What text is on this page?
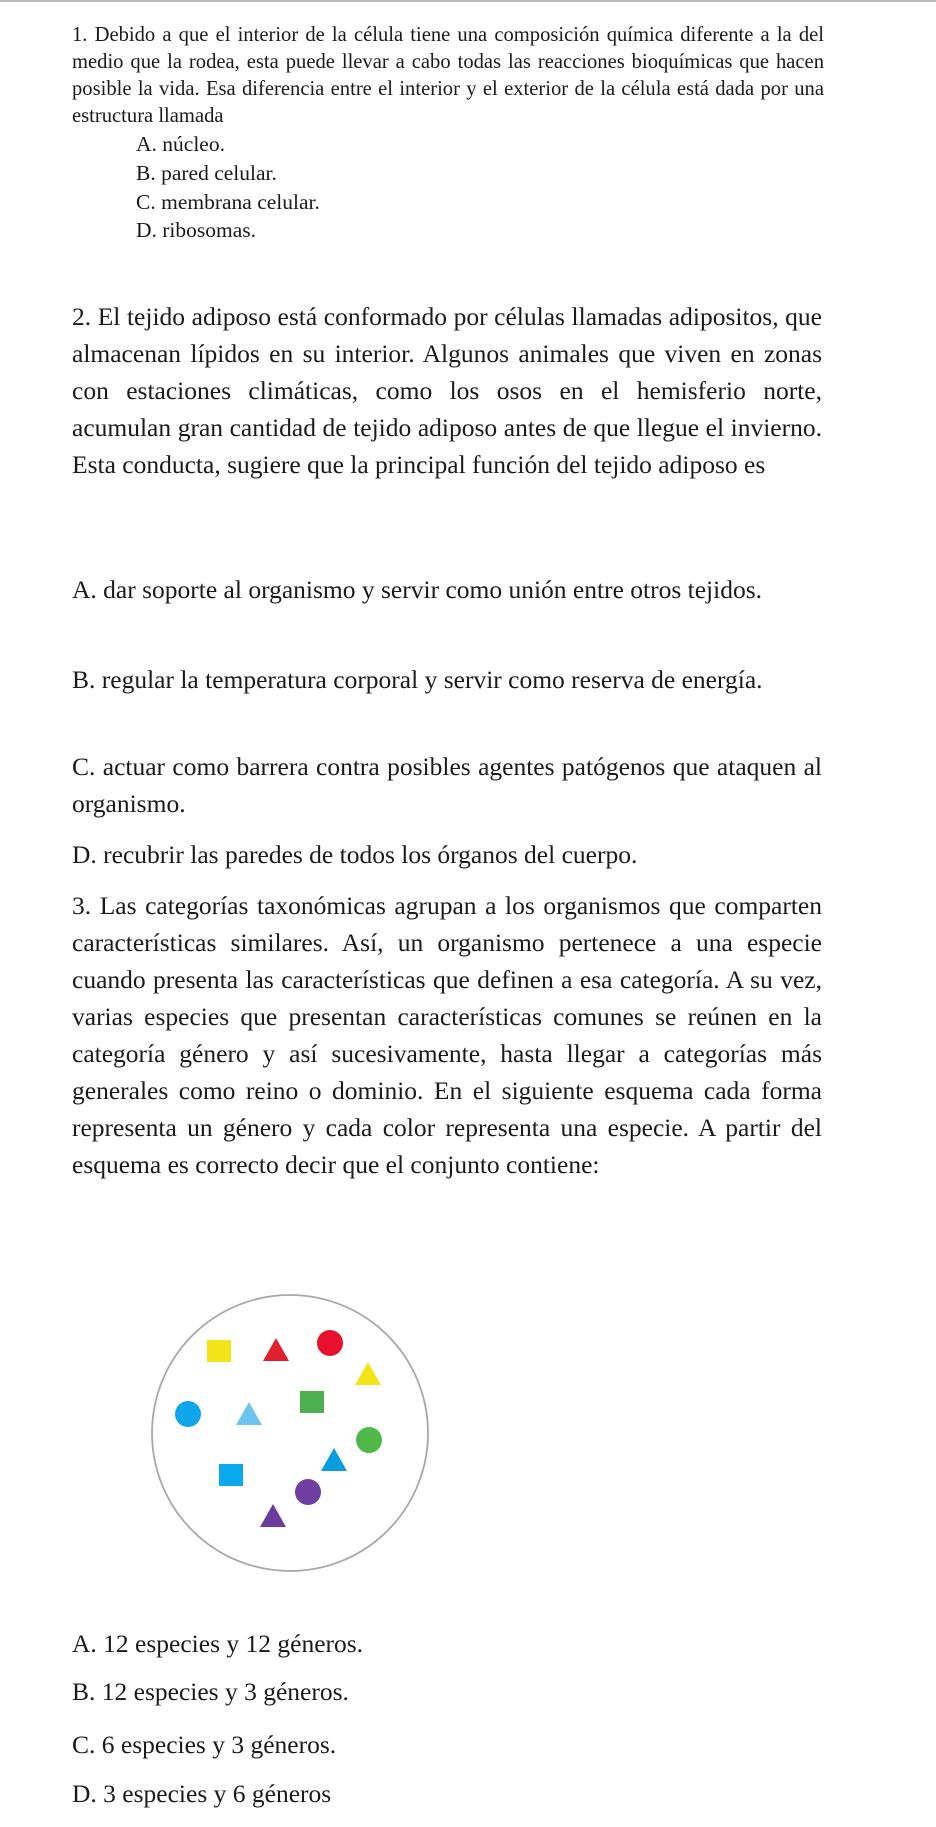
1. Debido a que el interior de la célula tiene una composición química diferente a la del medio que la rodea, esta puede llevar a cabo todas las reacciones bioquímicas que hacen posible la vida. Esa diferencia entre el interior y el exterior de la célula está dada por una estructura llamada

A. núcleo.

B. pared celular.

C. membrana celular.

D. ribosomas.

2. El tejido adiposo está conformado por células llamadas adipositos, que almacenan lípidos en su interior. Algunos animales que viven en zonas con estaciones climáticas, como los osos en el hemisferio norte, acumulan gran cantidad de tejido adiposo antes de que llegue el invierno. Esta conducta, sugiere que la principal función del tejido adiposo es

A. dar soporte al organismo y servir como unión entre otros tejidos.

B. regular la temperatura corporal y servir como reserva de energía.

C. actuar como barrera contra posibles agentes patógenos que ataquen al organismo.

D. recubrir las paredes de todos los órganos del cuerpo.

3. Las categorías taxonómicas agrupan a los organismos que comparten características similares. Así, un organismo pertenece a una especie cuando presenta las características que definen a esa categoría. A su vez, varias especies que presentan características comunes se reúnen en la categoría género y así sucesivamente, hasta llegar a categorías más generales como reino o dominio. En el siguiente esquema cada forma representa un género y cada color representa una especie. A partir del esquema es correcto decir que el conjunto contiene:

A. 12 especies y 12 géneros.

B. 12 especies y 3 géneros.

C. 6 especies y 3 géneros.

D. 3 especies y 6 géneros
